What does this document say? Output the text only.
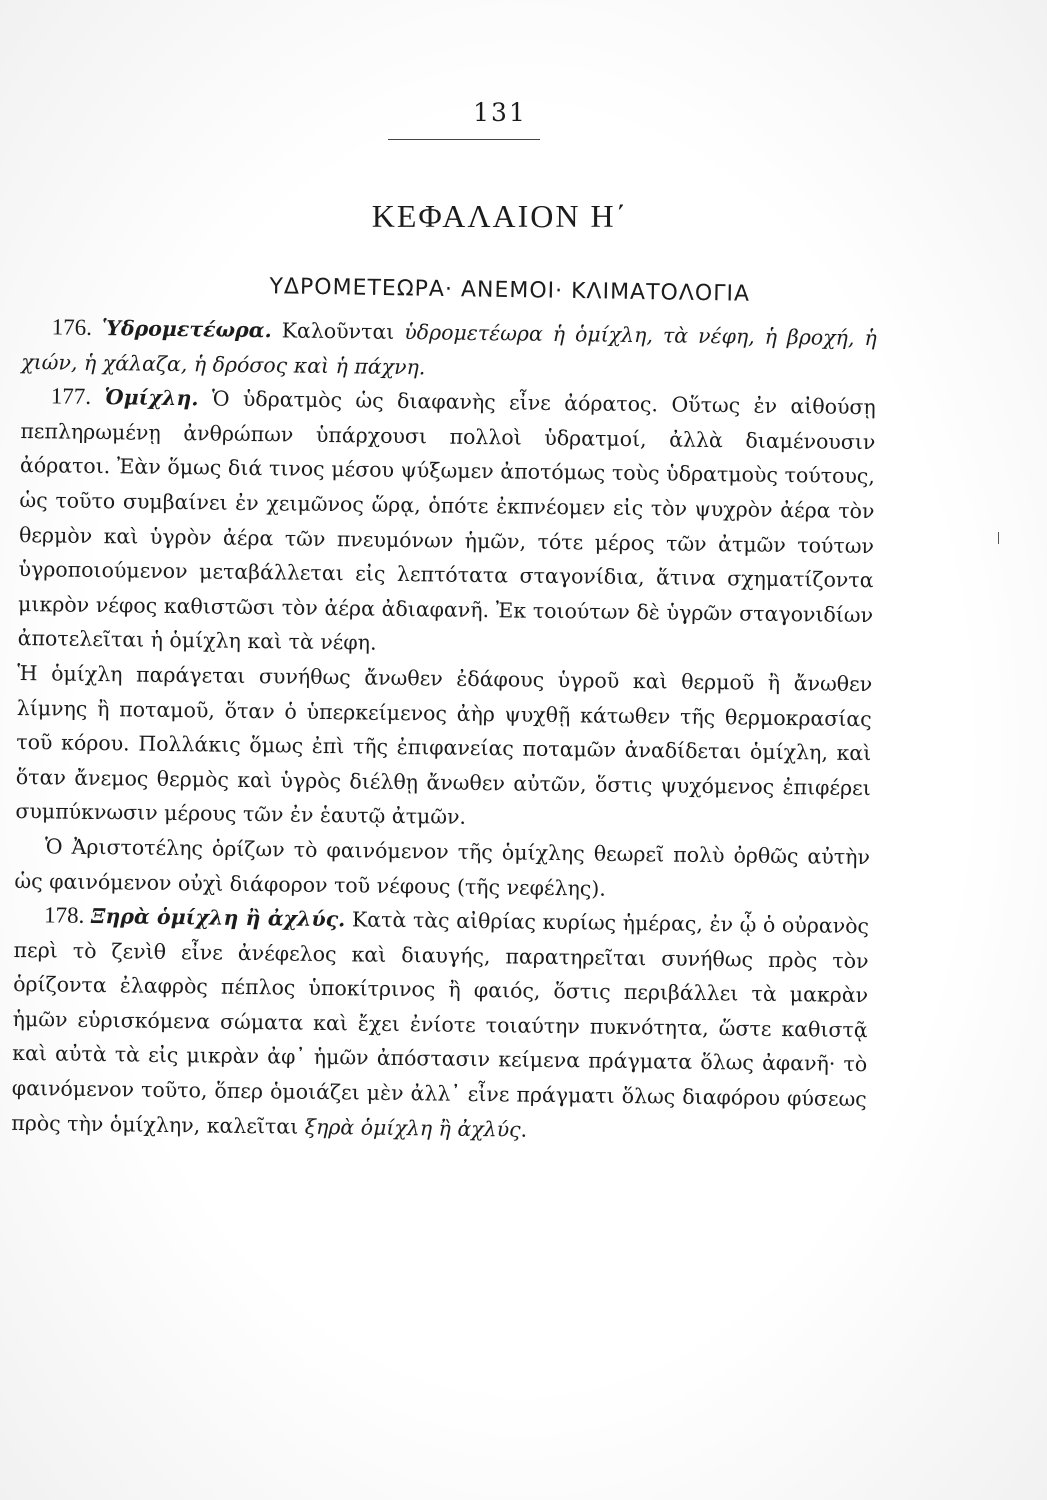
131
ΚΕΦΑΛΑΙΟΝ Η΄
ΥΔΡΟΜΕΤΕΩΡΑ· ΑΝΕΜΟΙ· ΚΛΙΜΑΤΟΛΟΓΙΑ

176. Ὑδρομετέωρα. Καλοῦνται ὑδρομετέωρα ἡ ὁμίχλη, τὰ νέφη, ἡ βροχή, ἡ χιών, ἡ χάλαζα, ἡ δρόσος καὶ ἡ πάχνη.

177. Ὁμίχλη. Ὁ ὑδρατμὸς ὡς διαφανὴς εἶνε ἀόρατος. Οὕτως ἐν αἰθούσῃ πεπληρωμένῃ ἀνθρώπων ὑπάρχουσι πολλοὶ ὑδρατμοί, ἀλλὰ διαμένουσιν ἀόρατοι. Ἐὰν ὅμως διά τινος μέσου ψύξωμεν ἀποτόμως τοὺς ὑδρατμοὺς τούτους, ὡς τοῦτο συμβαίνει ἐν χειμῶνος ὥρᾳ, ὁπότε ἐκπνέομεν εἰς τὸν ψυχρὸν ἀέρα τὸν θερμὸν καὶ ὑγρὸν ἀέρα τῶν πνευμόνων ἡμῶν, τότε μέρος τῶν ἀτμῶν τούτων ὑγροποιούμενον μεταβάλλεται εἰς λεπτότατα σταγονίδια, ἅτινα σχηματίζοντα μικρὸν νέφος καθιστῶσι τὸν ἀέρα ἀδιαφανῆ. Ἐκ τοιούτων δὲ ὑγρῶν σταγονιδίων ἀποτελεῖται ἡ ὁμίχλη καὶ τὰ νέφη.

Ἡ ὁμίχλη παράγεται συνήθως ἄνωθεν ἐδάφους ὑγροῦ καὶ θερμοῦ ἢ ἄνωθεν λίμνης ἢ ποταμοῦ, ὅταν ὁ ὑπερκείμενος ἀὴρ ψυχθῇ κάτωθεν τῆς θερμοκρασίας τοῦ κόρου. Πολλάκις ὅμως ἐπὶ τῆς ἐπιφανείας ποταμῶν ἀναδίδεται ὁμίχλη, καὶ ὅταν ἄνεμος θερμὸς καὶ ὑγρὸς διέλθῃ ἄνωθεν αὐτῶν, ὅστις ψυχόμενος ἐπιφέρει συμπύκνωσιν μέρους τῶν ἐν ἑαυτῷ ἀτμῶν.

Ὁ Ἀριστοτέλης ὁρίζων τὸ φαινόμενον τῆς ὁμίχλης θεωρεῖ πολὺ ὀρθῶς αὐτὴν ὡς φαινόμενον οὐχὶ διάφορον τοῦ νέφους (τῆς νεφέλης).

178. Ξηρὰ ὁμίχλη ἢ ἀχλύς. Κατὰ τὰς αἰθρίας κυρίως ἡμέρας, ἐν ᾧ ὁ οὐρανὸς περὶ τὸ ζενὶθ εἶνε ἀνέφελος καὶ διαυγής, παρατηρεῖται συνήθως πρὸς τὸν ὁρίζοντα ἐλαφρὸς πέπλος ὑποκίτρινος ἢ φαιός, ὅστις περιβάλλει τὰ μακρὰν ἡμῶν εὑρισκόμενα σώματα καὶ ἔχει ἐνίοτε τοιαύτην πυκνότητα, ὥστε καθιστᾷ καὶ αὐτὰ τὰ εἰς μικρὰν ἀφ᾽ ἡμῶν ἀπόστασιν κείμενα πράγματα ὅλως ἀφανῆ· τὸ φαινόμενον τοῦτο, ὅπερ ὁμοιάζει μὲν ἀλλ᾽ εἶνε πράγματι ὅλως διαφόρου φύσεως πρὸς τὴν ὁμίχλην, καλεῖται ξηρὰ ὁμίχλη ἢ ἀχλύς.
